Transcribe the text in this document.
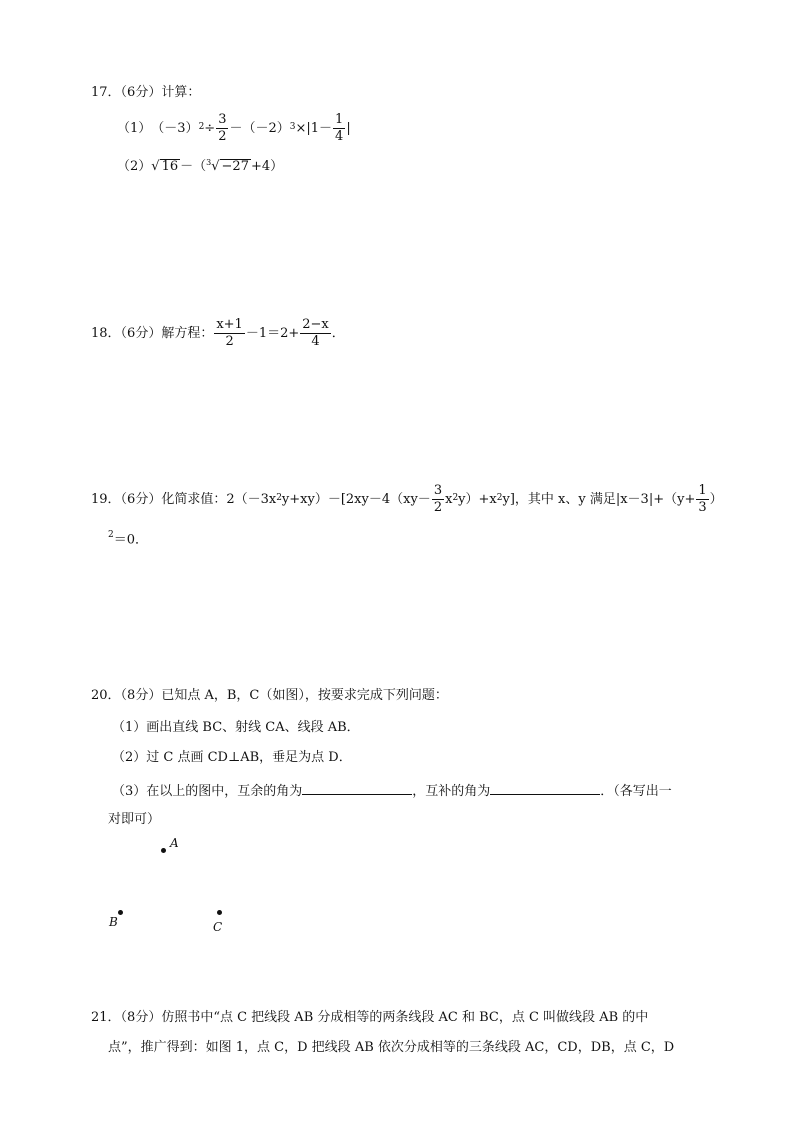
17．（6分）计算：
（1） （－3） $2 \div \frac{3}{2} -(-2)$ $3 \times|1- \frac{1}{4}$ |
（2） √ 16 －（ 3 √ −27 +4）
18．（6分）解方程： $\frac{x+1}{2} -1=2+ \frac{2-x}{4}$ ．
19．（6分）化简求值：2（－3x 2 $y+xy)-[2xy-4(xy- \frac{3}{2}$ x 2 y）+x 2 y]，其中 x、y 满足$|x-3|+(y+ \frac{1}{3}$ ）
$^2$＝0．
20．（8分）已知点 A，B，C（如图），按要求完成下列问题：
（1）画出直线 BC、射线 CA、线段 AB．
（2）过 C 点画 CD⊥AB，垂足为点 D．
（3）在以上的图中，互余的角为	，互补的角为	．（各写出一
对即可）
A
B	C
21．（8分）仿照书中“点 C 把线段 AB 分成相等的两条线段 AC 和 BC，点 C 叫做线段 AB 的中
点”，推广得到：如图 1，点 C，D 把线段 AB 依次分成相等的三条线段 AC，CD，DB，点 C，D
